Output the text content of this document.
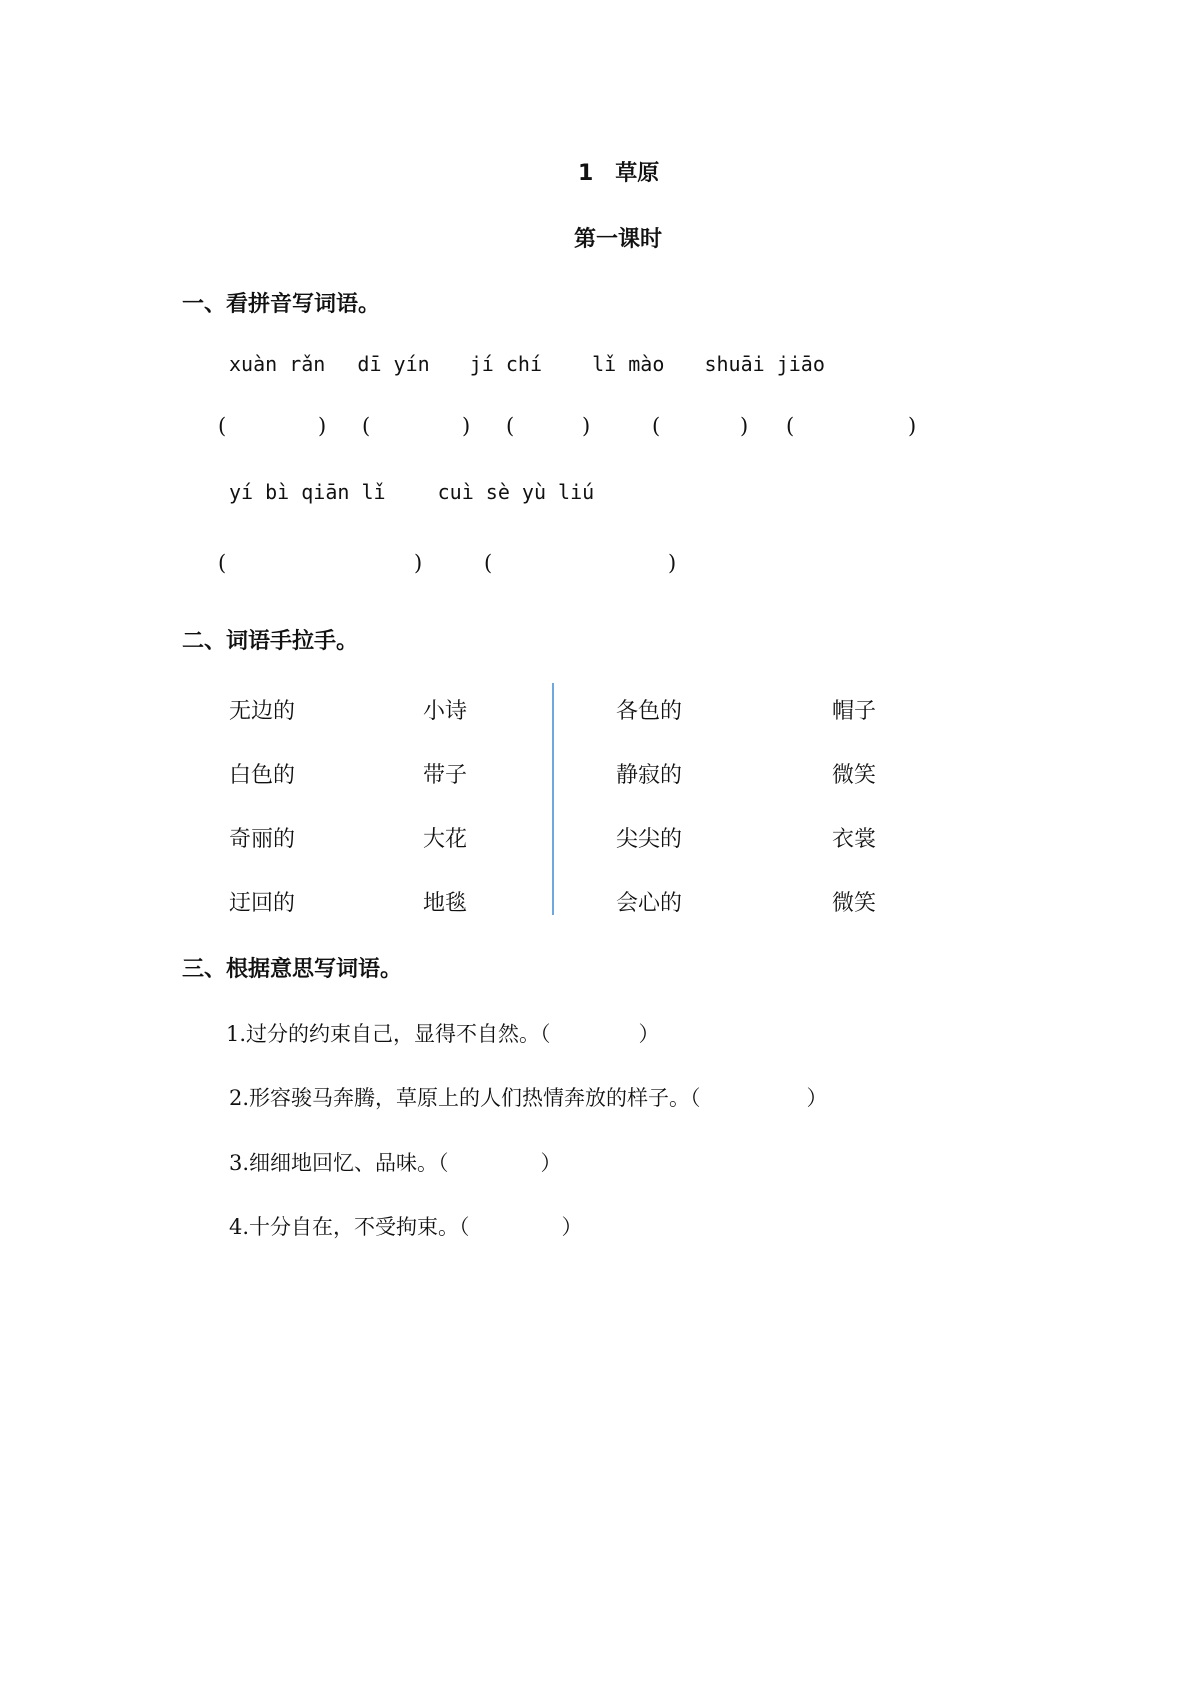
1　草原
第一课时
一、看拼音写词语。
xuàn rǎn dī yín jí chí	lǐ mào shuāi jiāo
(	) (	) (	)	(	) (	)
yí bì qiān lǐ	cuì sè yù liú
(	)	(	)
二、词语手拉手。
无边的	小诗	各色的	帽子
白色的	带子	静寂的	微笑
奇丽的	大花	尖尖的	衣裳
迂回的	地毯	会心的	微笑
三、根据意思写词语。
1.过分的约束自己，显得不自然。（	）
2.形容骏马奔腾，草原上的人们热情奔放的样子。（	）
3.细细地回忆、品味。（	）
4.十分自在，不受拘束。（	）
